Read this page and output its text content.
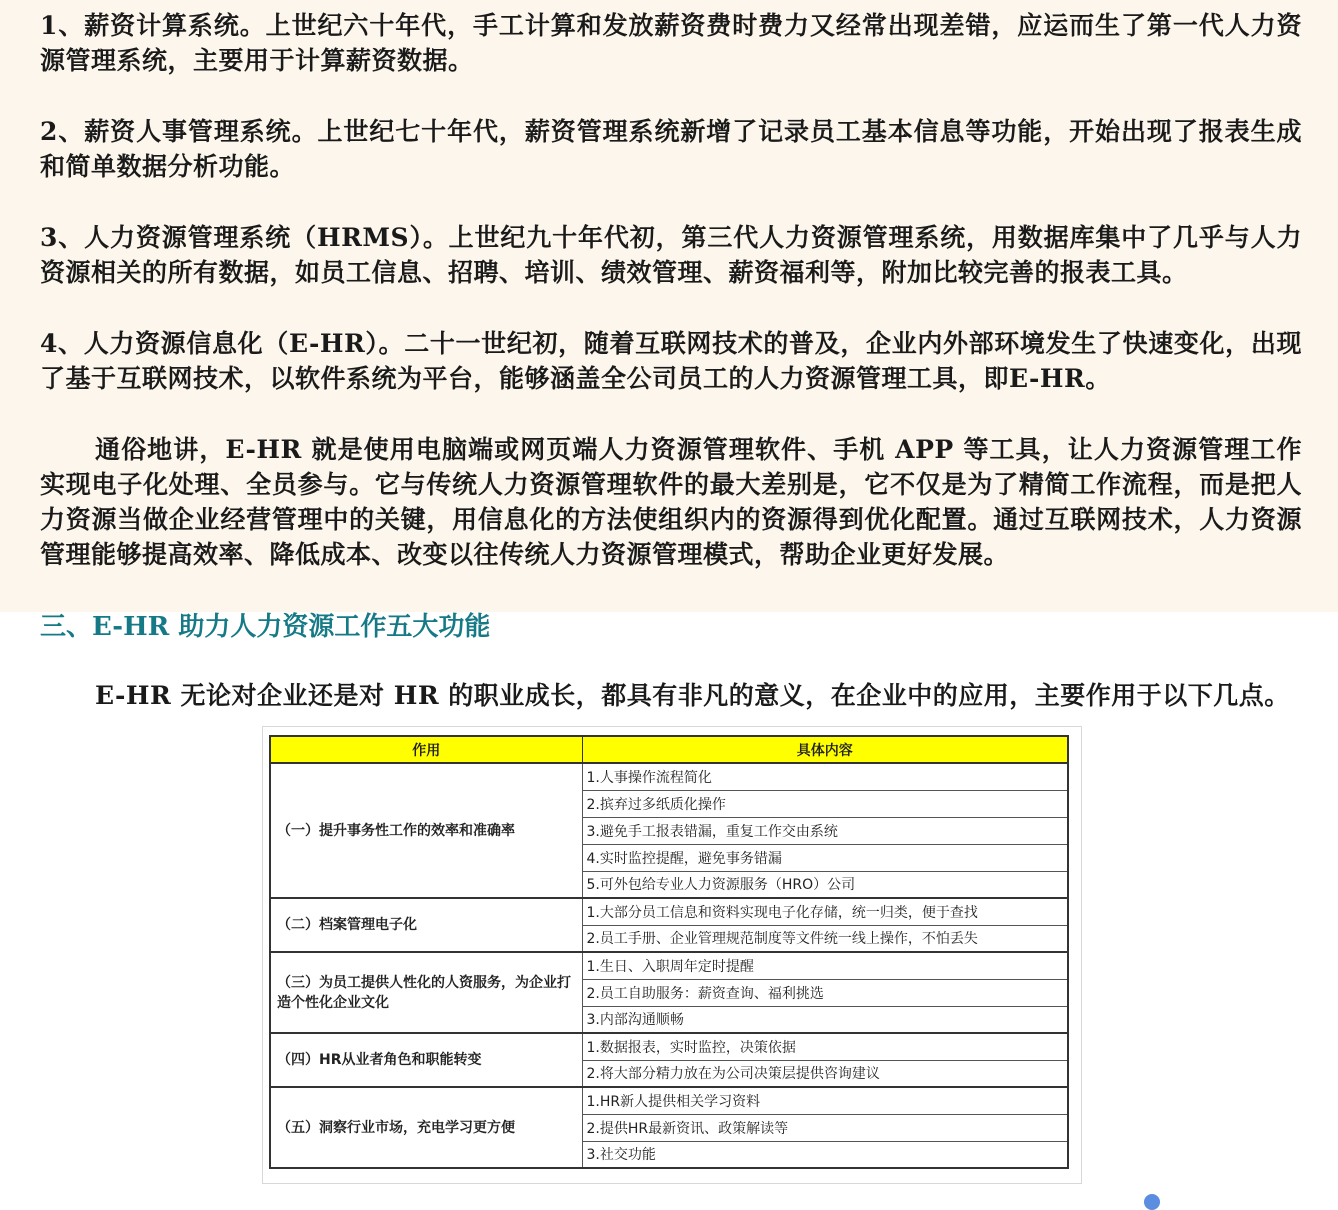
1、薪资计算系统。上世纪六十年代，手工计算和发放薪资费时费力又经常出现差错，应运而生了第一代人力资源管理系统，主要用于计算薪资数据。

2、薪资人事管理系统。上世纪七十年代，薪资管理系统新增了记录员工基本信息等功能，开始出现了报表生成和简单数据分析功能。

3、人力资源管理系统（HRMS）。上世纪九十年代初，第三代人力资源管理系统，用数据库集中了几乎与人力资源相关的所有数据，如员工信息、招聘、培训、绩效管理、薪资福利等，附加比较完善的报表工具。

4、人力资源信息化（E-HR）。二十一世纪初，随着互联网技术的普及，企业内外部环境发生了快速变化，出现了基于互联网技术，以软件系统为平台，能够涵盖全公司员工的人力资源管理工具，即E-HR。

通俗地讲，E-HR 就是使用电脑端或网页端人力资源管理软件、手机 APP 等工具，让人力资源管理工作实现电子化处理、全员参与。它与传统人力资源管理软件的最大差别是，它不仅是为了精简工作流程，而是把人力资源当做企业经营管理中的关键，用信息化的方法使组织内的资源得到优化配置。通过互联网技术，人力资源管理能够提高效率、降低成本、改变以往传统人力资源管理模式，帮助企业更好发展。

三、E-HR 助力人力资源工作五大功能

E-HR 无论对企业还是对 HR 的职业成长，都具有非凡的意义，在企业中的应用，主要作用于以下几点。

作用	具体内容
（一）提升事务性工作的效率和准确率	1.人事操作流程简化
	2.摈弃过多纸质化操作
	3.避免手工报表错漏，重复工作交由系统
	4.实时监控提醒，避免事务错漏
	5.可外包给专业人力资源服务（HRO）公司
（二）档案管理电子化	1.大部分员工信息和资料实现电子化存储，统一归类，便于查找
	2.员工手册、企业管理规范制度等文件统一线上操作，不怕丢失
（三）为员工提供人性化的人资服务，为企业打造个性化企业文化	1.生日、入职周年定时提醒
	2.员工自助服务：薪资查询、福利挑选
	3.内部沟通顺畅
（四）HR从业者角色和职能转变	1.数据报表，实时监控，决策依据
	2.将大部分精力放在为公司决策层提供咨询建议
（五）洞察行业市场，充电学习更方便	1.HR新人提供相关学习资料
	2.提供HR最新资讯、政策解读等
	3.社交功能
